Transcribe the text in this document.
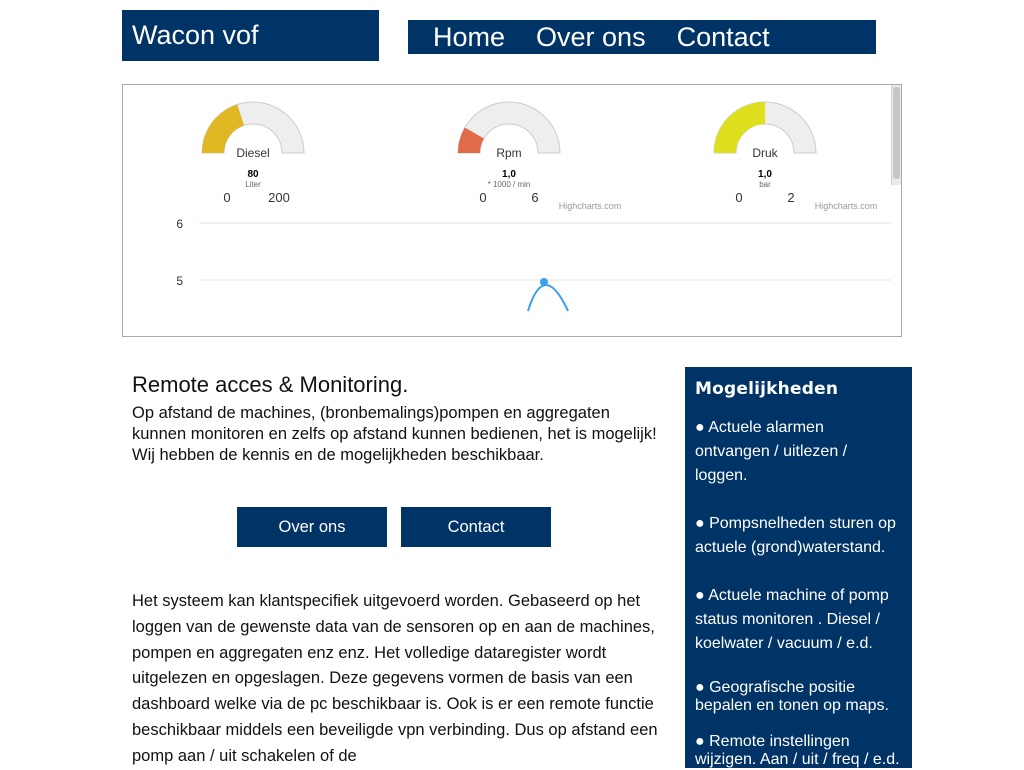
Wacon vof	Home Over ons Contact
Diesel
80
Liter
0	200
Rpm
1,0
* 1000 / min
0	6
Highcharts.com
Druk
1,0
bar
0	2
Highcharts.com
6
5
Remote acces & Monitoring.

Op afstand de machines, (bronbemalings)pompen en aggregaten kunnen monitoren en zelfs op afstand kunnen bedienen, het is mogelijk! Wij hebben de kennis en de mogelijkheden beschikbaar.

Over ons	Contact

Het systeem kan klantspecifiek uitgevoerd worden. Gebaseerd op het loggen van de gewenste data van de sensoren op en aan de machines, pompen en aggregaten enz enz. Het volledige dataregister wordt uitgelezen en opgeslagen. Deze gegevens vormen de basis van een dashboard welke via de pc beschikbaar is. Ook is er een remote functie beschikbaar middels een beveiligde vpn verbinding. Dus op afstand een pomp aan / uit schakelen of de

Mogelijkheden
● Actuele alarmen ontvangen / uitlezen / loggen.
● Pompsnelheden sturen op actuele (grond)waterstand.
● Actuele machine of pomp status monitoren . Diesel / koelwater / vacuum / e.d.
● Geografische positie bepalen en tonen op maps.
● Remote instellingen wijzigen. Aan / uit / freq / e.d.
